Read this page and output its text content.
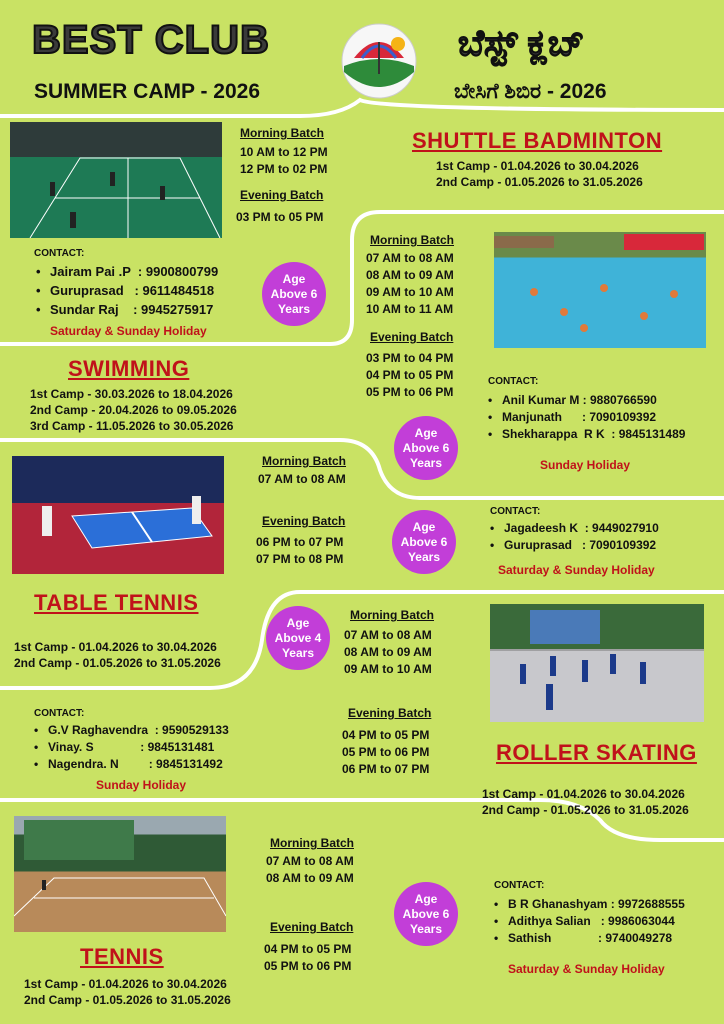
BEST CLUB
SUMMER CAMP - 2026
ಬೆಸ್ಟ್ ಕ್ಲಬ್
ಬೇಸಿಗೆ ಶಿಬಿರ - 2026
Morning Batch
10 AM to 12 PM
12 PM to 02 PM
Evening Batch
03 PM to 05 PM
SHUTTLE BADMINTON
1st Camp - 01.04.2026 to 30.04.2026
2nd Camp - 01.05.2026 to 31.05.2026
CONTACT:
• Jairam Pai .P  : 9900800799
• Guruprasad   : 9611484518
• Sundar Raj    : 9945275917
Saturday & Sunday Holiday
Age
Above 6
Years
Morning Batch
07 AM to 08 AM
08 AM to 09 AM
09 AM to 10 AM
10 AM to 11 AM
Evening Batch
03 PM to 04 PM
04 PM to 05 PM
05 PM to 06 PM
SWIMMING
1st Camp - 30.03.2026 to 18.04.2026
2nd Camp - 20.04.2026 to 09.05.2026
3rd Camp - 11.05.2026 to 30.05.2026
CONTACT:
• Anil Kumar M : 9880766590
• Manjunath      : 7090109392
• Shekharappa  R K  : 9845131489
Sunday Holiday
Age
Above 6
Years
Morning Batch
07 AM to 08 AM
Evening Batch
06 PM to 07 PM
07 PM to 08 PM
Age
Above 6
Years
CONTACT:
• Jagadeesh K  : 9449027910
• Guruprasad   : 7090109392
Saturday & Sunday Holiday
TABLE TENNIS
1st Camp - 01.04.2026 to 30.04.2026
2nd Camp - 01.05.2026 to 31.05.2026
Age
Above 4
Years
Morning Batch
07 AM to 08 AM
08 AM to 09 AM
09 AM to 10 AM
CONTACT:
• G.V Raghavendra  : 9590529133
• Vinay. S              : 9845131481
• Nagendra. N         : 9845131492
Sunday Holiday
Evening Batch
04 PM to 05 PM
05 PM to 06 PM
06 PM to 07 PM
ROLLER SKATING
1st Camp - 01.04.2026 to 30.04.2026
2nd Camp - 01.05.2026 to 31.05.2026
Morning Batch
07 AM to 08 AM
08 AM to 09 AM
Evening Batch
04 PM to 05 PM
05 PM to 06 PM
Age
Above 6
Years
CONTACT:
• B R Ghanashyam : 9972688555
• Adithya Salian   : 9986063044
• Sathish              : 9740049278
Saturday & Sunday Holiday
TENNIS
1st Camp - 01.04.2026 to 30.04.2026
2nd Camp - 01.05.2026 to 31.05.2026
